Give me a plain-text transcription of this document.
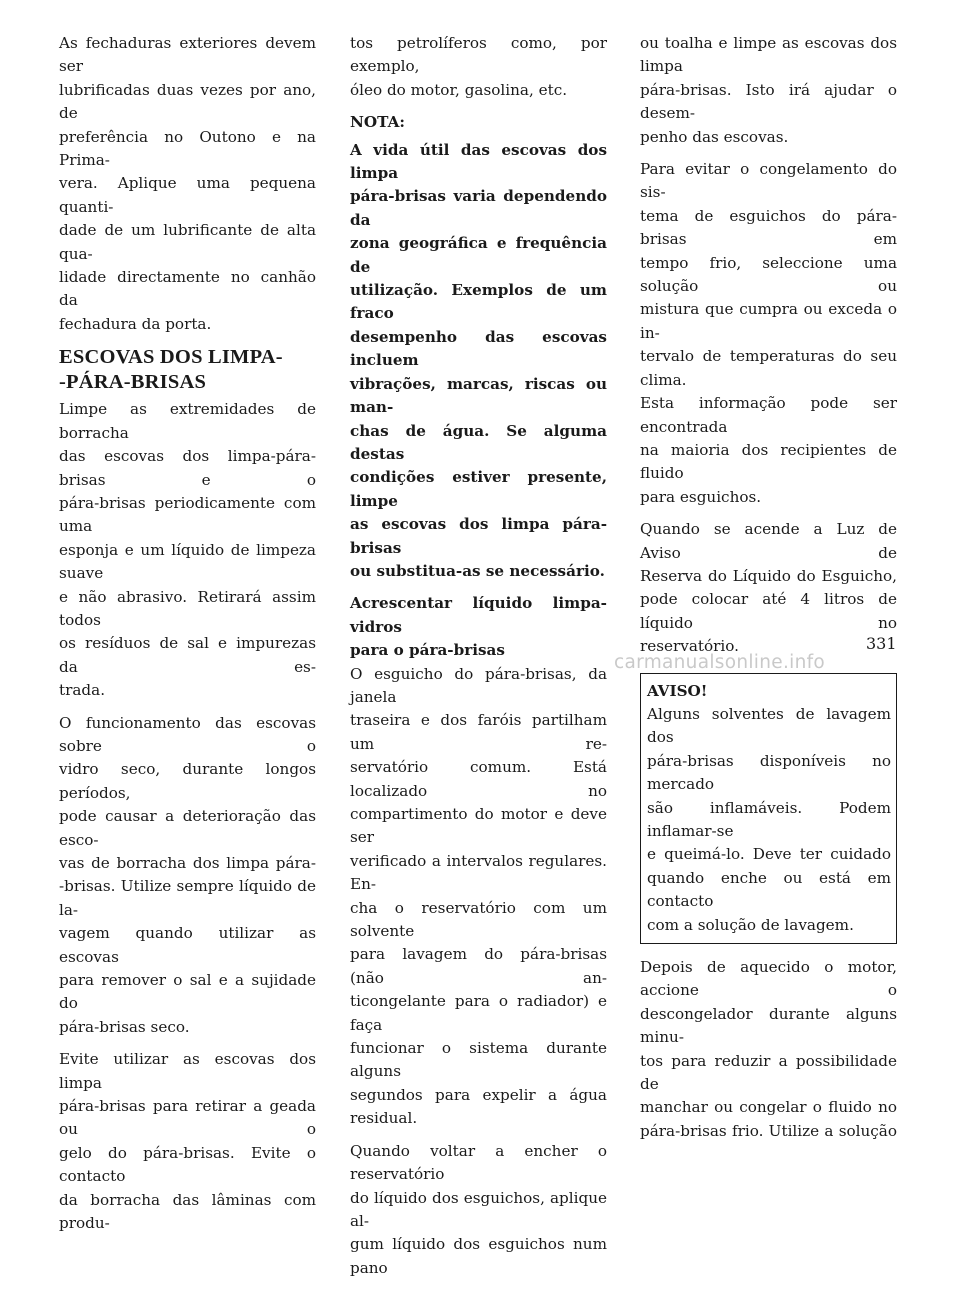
As fechaduras exteriores devem ser
lubrificadas duas vezes por ano, de
preferência no Outono e na Prima-
vera. Aplique uma pequena quanti-
dade de um lubrificante de alta qua-
lidade directamente no canhão da
fechadura da porta.

ESCOVAS DOS LIMPA-
-PÁRA-BRISAS

Limpe as extremidades de borracha
das escovas dos limpa-pára-brisas e o
pára-brisas periodicamente com uma
esponja e um líquido de limpeza suave
e não abrasivo. Retirará assim todos
os resíduos de sal e impurezas da es-
trada.

O funcionamento das escovas sobre o
vidro seco, durante longos períodos,
pode causar a deterioração das esco-
vas de borracha dos limpa pára-
-brisas. Utilize sempre líquido de la-
vagem quando utilizar as escovas
para remover o sal e a sujidade do
pára-brisas seco.

Evite utilizar as escovas dos limpa
pára-brisas para retirar a geada ou o
gelo do pára-brisas. Evite o contacto
da borracha das lâminas com produ-

tos petrolíferos como, por exemplo,
óleo do motor, gasolina, etc.

NOTA:

A vida útil das escovas dos limpa
pára-brisas varia dependendo da
zona geográfica e frequência de
utilização. Exemplos de um fraco
desempenho das escovas incluem
vibrações, marcas, riscas ou man-
chas de água. Se alguma destas
condições estiver presente, limpe
as escovas dos limpa pára-brisas
ou substitua-as se necessário.

Acrescentar líquido limpa-vidros
para o pára-brisas

O esguicho do pára-brisas, da janela
traseira e dos faróis partilham um re-
servatório comum. Está localizado no
compartimento do motor e deve ser
verificado a intervalos regulares. En-
cha o reservatório com um solvente
para lavagem do pára-brisas (não an-
ticongelante para o radiador) e faça
funcionar o sistema durante alguns
segundos para expelir a água residual.

Quando voltar a encher o reservatório
do líquido dos esguichos, aplique al-
gum líquido dos esguichos num pano

ou toalha e limpe as escovas dos limpa
pára-brisas. Isto irá ajudar o desem-
penho das escovas.

Para evitar o congelamento do sis-
tema de esguichos do pára-brisas em
tempo frio, seleccione uma solução ou
mistura que cumpra ou exceda o in-
tervalo de temperaturas do seu clima.
Esta informação pode ser encontrada
na maioria dos recipientes de fluido
para esguichos.

Quando se acende a Luz de Aviso de
Reserva do Líquido do Esguicho,
pode colocar até 4 litros de líquido no
reservatório.

AVISO!
Alguns solventes de lavagem dos
pára-brisas disponíveis no mercado
são inflamáveis. Podem inflamar-se
e queimá-lo. Deve ter cuidado
quando enche ou está em contacto
com a solução de lavagem.

Depois de aquecido o motor, accione o
descongelador durante alguns minu-
tos para reduzir a possibilidade de
manchar ou congelar o fluido no
pára-brisas frio. Utilize a solução

331
carmanualsonline.info
